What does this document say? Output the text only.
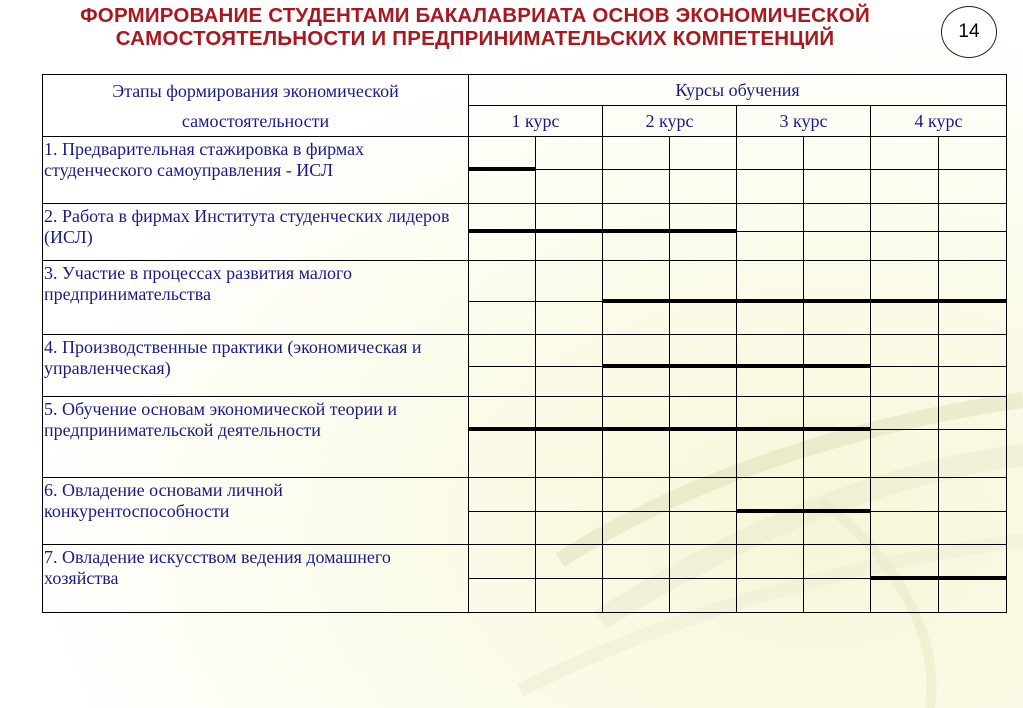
ФОРМИРОВАНИЕ СТУДЕНТАМИ БАКАЛАВРИАТА ОСНОВ ЭКОНОМИЧЕСКОЙ САМОСТОЯТЕЛЬНОСТИ И ПРЕДПРИНИМАТЕЛЬСКИХ КОМПЕТЕНЦИЙ	14
Этапы формирования экономической самостоятельности	Курсы обучения							
	1 курс		2 курс		3 курс		4 курс	
1. Предварительная стажировка в фирмах студенческого самоуправления - ИСЛ	

2. Работа в фирмах Института студенческих лидеров (ИСЛ)	

3. Участие в процессах развития малого предпринимательства			

4. Производственные практики (экономическая и управленческая)			

5. Обучение основам экономической теории и предпринимательской деятельности	

6. Овладение основами личной конкурентоспособности					

7. Овладение искусством ведения домашнего хозяйства							
